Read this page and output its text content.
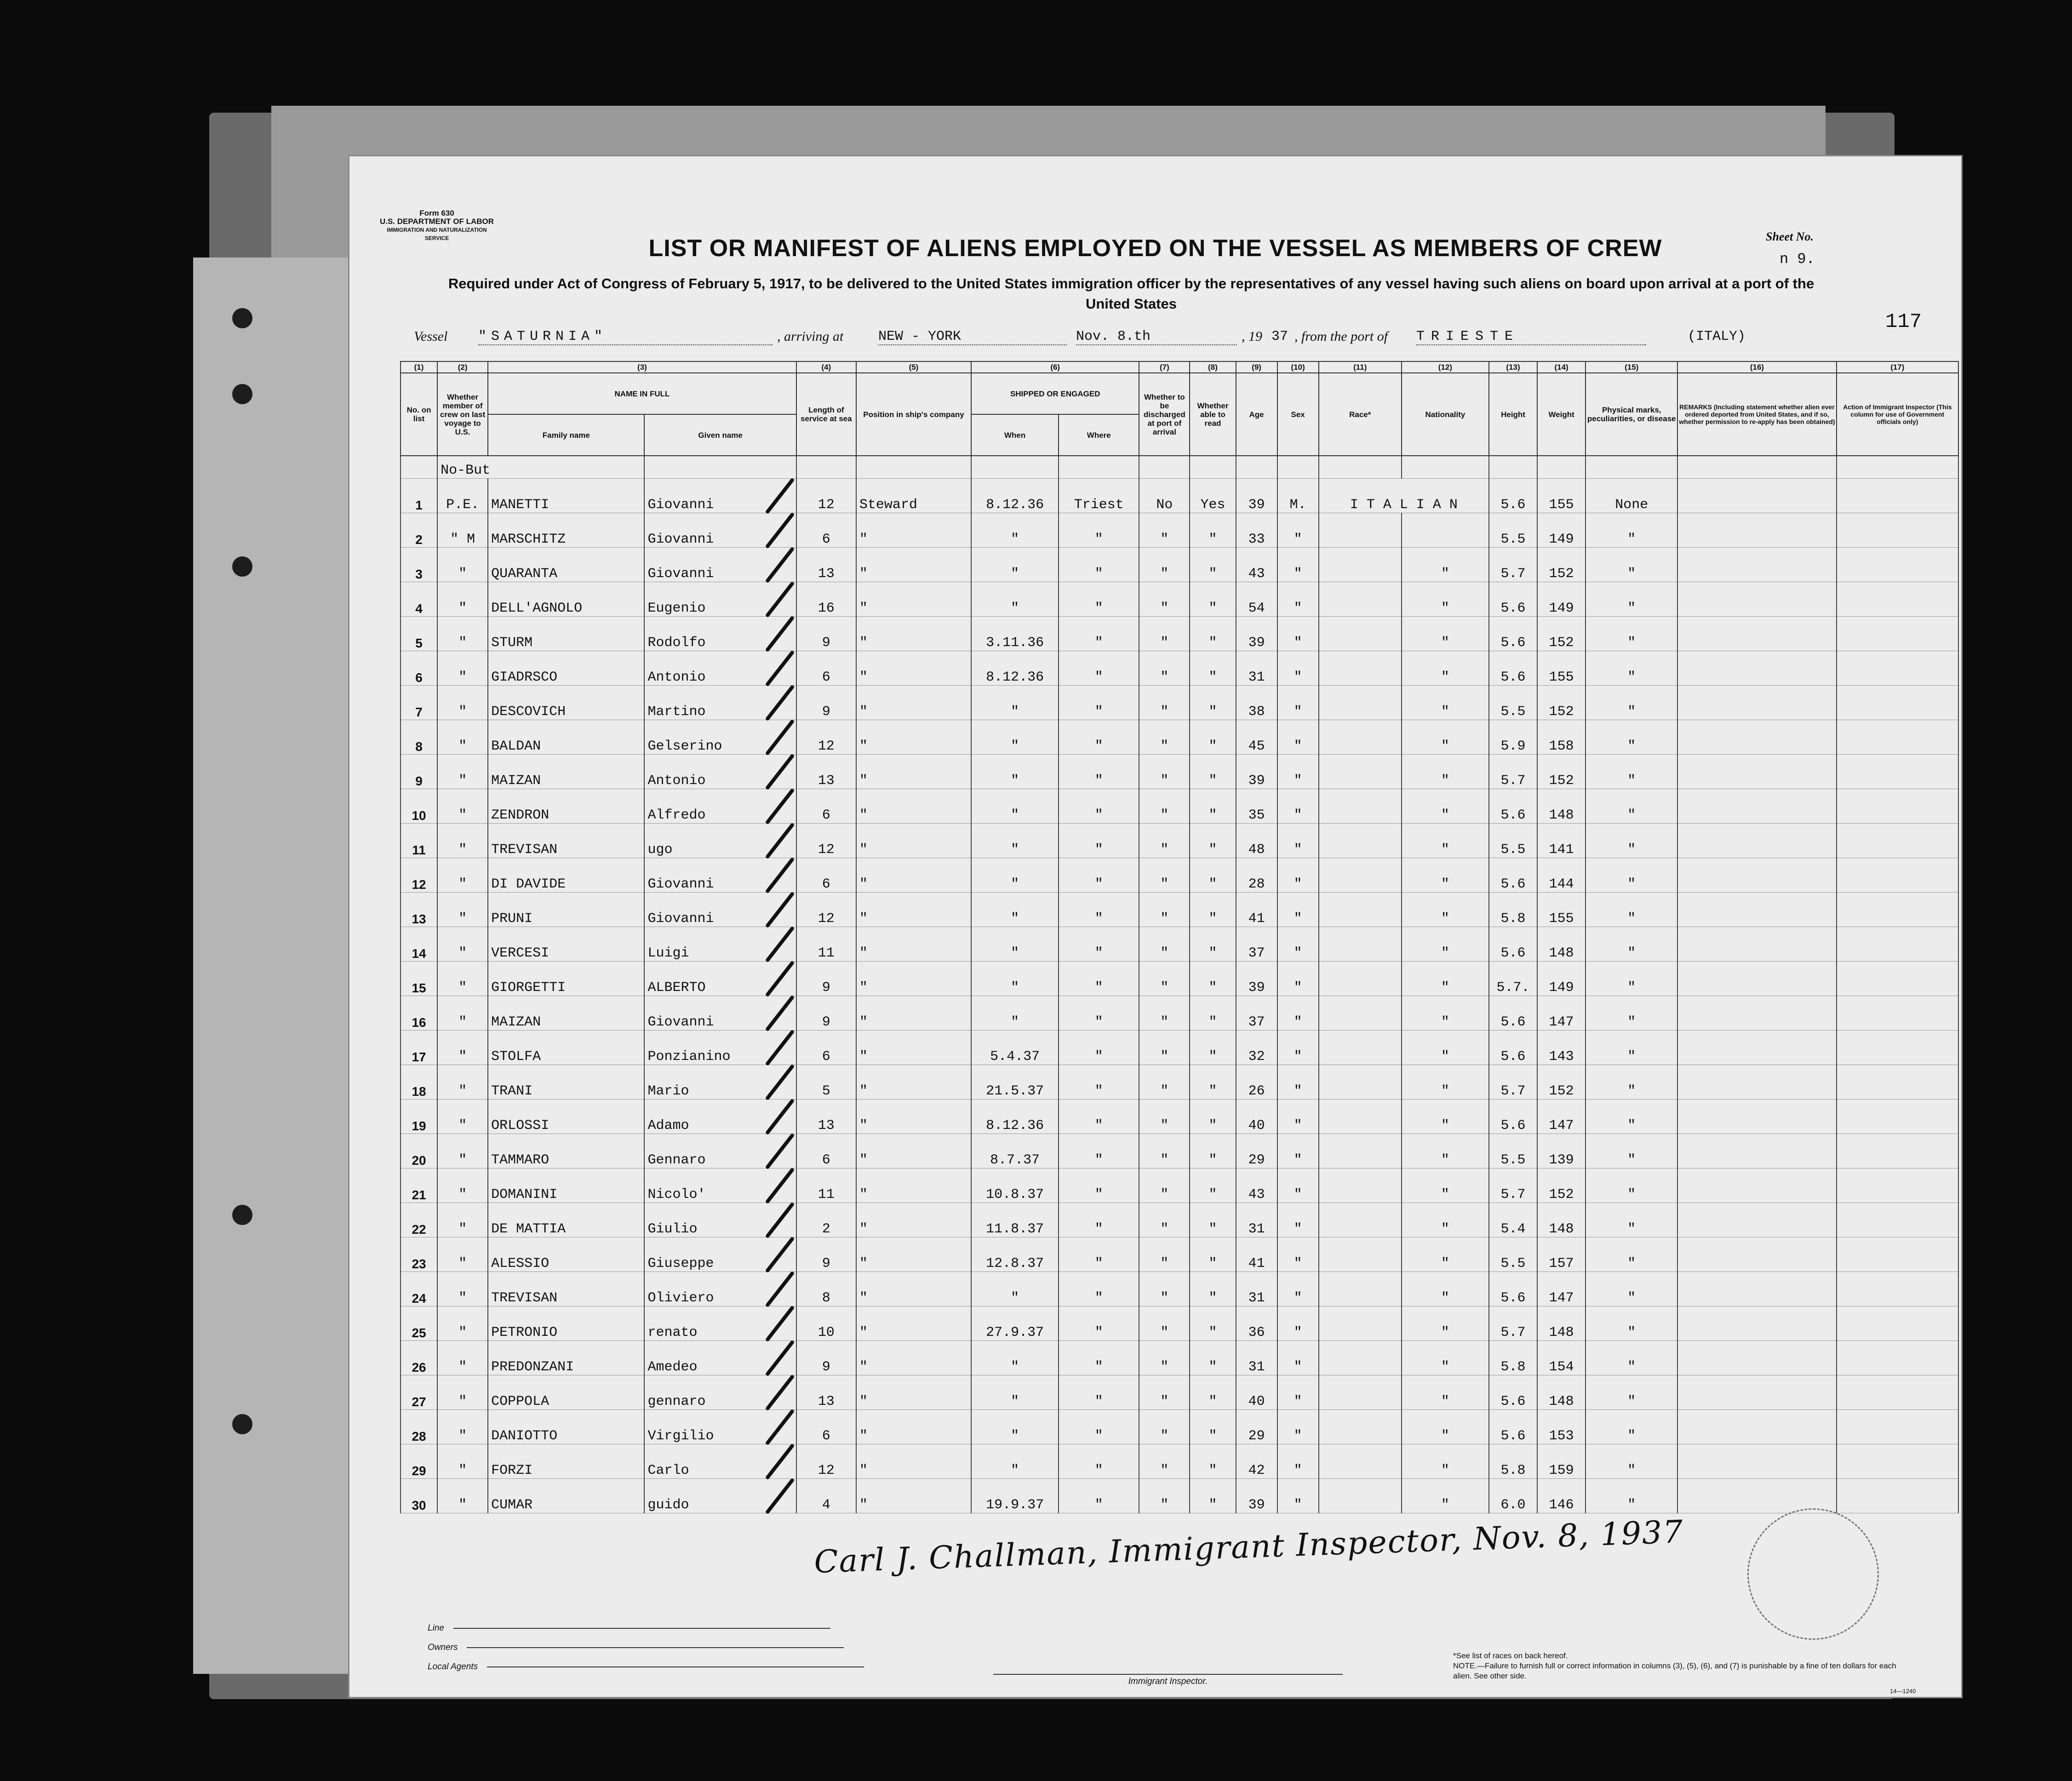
Form 630
U.S. DEPARTMENT OF LABOR
IMMIGRATION AND NATURALIZATION SERVICE	LIST OR MANIFEST OF ALIENS EMPLOYED ON THE VESSEL AS MEMBERS OF CREW
Required under Act of Congress of February 5, 1917, to be delivered to the United States immigration officer by the representatives of any vessel having such aliens on board upon arrival at a port of the United States
Sheet No.
n 9.
117
Vessel "SATURNIA"	, arriving at	NEW - YORK	Nov. 8.th	, 19 37 , from the port of TRIESTE	(ITALY)
(1)	(2)	(3)		(4)	(5)	(6)		(7)	(8)	(9)	(10)	(11)	(12)	(13)	(14)	(15)	(16)	(17)
No. on list	Whether member of crew on last voyage to U.S.	NAME IN FULL		Length of service at sea	Position in ship's company	SHIPPED OR ENGAGED		Whether to be discharged at port of arrival	Whether able to read	Age	Sex	Race*	Nationality	Height	Weight	Physical marks, peculiarities, or disease	REMARKS (Including statement whether alien ever ordered deported from United States, and if so, whether permission to re-apply has been obtained)	Action of Immigrant Inspector (This column for use of Government officials only)
		Family name	Given name			When	Where											
	No-But																	
1	P.E.	MANETTI	Giovanni	12	Steward	8.12.36	Triest	No	Yes	39	M.	I T A L I A N		5.6	155	None		
2	" M	MARSCHITZ	Giovanni	6	"	"	"	"	"	33	"			5.5	149	"		
3	"	QUARANTA	Giovanni	13	"	"	"	"	"	43	"		"	5.7	152	"		
4	"	DELL'AGNOLO	Eugenio	16	"	"	"	"	"	54	"		"	5.6	149	"		
5	"	STURM	Rodolfo	9	"	3.11.36	"	"	"	39	"		"	5.6	152	"		
6	"	GIADRSCO	Antonio	6	"	8.12.36	"	"	"	31	"		"	5.6	155	"		
7	"	DESCOVICH	Martino	9	"	"	"	"	"	38	"		"	5.5	152	"		
8	"	BALDAN	Gelserino	12	"	"	"	"	"	45	"		"	5.9	158	"		
9	"	MAIZAN	Antonio	13	"	"	"	"	"	39	"		"	5.7	152	"		
10	"	ZENDRON	Alfredo	6	"	"	"	"	"	35	"		"	5.6	148	"		
11	"	TREVISAN	ugo	12	"	"	"	"	"	48	"		"	5.5	141	"		
12	"	DI DAVIDE	Giovanni	6	"	"	"	"	"	28	"		"	5.6	144	"		
13	"	PRUNI	Giovanni	12	"	"	"	"	"	41	"		"	5.8	155	"		
14	"	VERCESI	Luigi	11	"	"	"	"	"	37	"		"	5.6	148	"		
15	"	GIORGETTI	ALBERTO	9	"	"	"	"	"	39	"		"	5.7.	149	"		
16	"	MAIZAN	Giovanni	9	"	"	"	"	"	37	"		"	5.6	147	"		
17	"	STOLFA	Ponzianino	6	"	5.4.37	"	"	"	32	"		"	5.6	143	"		
18	"	TRANI	Mario	5	"	21.5.37	"	"	"	26	"		"	5.7	152	"		
19	"	ORLOSSI	Adamo	13	"	8.12.36	"	"	"	40	"		"	5.6	147	"		
20	"	TAMMARO	Gennaro	6	"	8.7.37	"	"	"	29	"		"	5.5	139	"		
21	"	DOMANINI	Nicolo'	11	"	10.8.37	"	"	"	43	"		"	5.7	152	"		
22	"	DE MATTIA	Giulio	2	"	11.8.37	"	"	"	31	"		"	5.4	148	"		
23	"	ALESSIO	Giuseppe	9	"	12.8.37	"	"	"	41	"		"	5.5	157	"		
24	"	TREVISAN	Oliviero	8	"	"	"	"	"	31	"		"	5.6	147	"		
25	"	PETRONIO	renato	10	"	27.9.37	"	"	"	36	"		"	5.7	148	"		
26	"	PREDONZANI	Amedeo	9	"	"	"	"	"	31	"		"	5.8	154	"		
27	"	COPPOLA	gennaro	13	"	"	"	"	"	40	"		"	5.6	148	"		
28	"	DANIOTTO	Virgilio	6	"	"	"	"	"	29	"		"	5.6	153	"		
29	"	FORZI	Carlo	12	"	"	"	"	"	42	"		"	5.8	159	"		
30	"	CUMAR	guido	4	"	19.9.37	"	"	"	39	"		"	6.0	146	"		
Carl J. Challman, Immigrant Inspector, Nov. 8, 1937
Line
Owners
Local Agents
Immigrant Inspector.
*See list of races on back hereof.
NOTE.—Failure to furnish full or correct information in columns (3), (5), (6), and (7) is punishable by a fine of ten dollars for each alien. See other side.
14—1240
